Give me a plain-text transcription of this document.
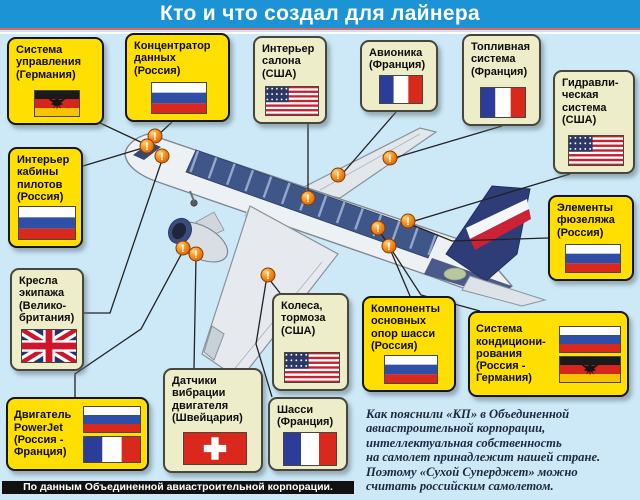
!
!
!
!
!
!
! !
!
!
!
!
Кто и что создал для лайнера
Система
управления
(Германия)
Концентратор
данных
(Россия)
Интерьер
салона
(США)
Авионика
(Франция)
Топливная
система
(Франция)
Гидравли-
ческая
система
(США)
Интерьер
кабины
пилотов
(Россия)
Кресла
экипажа
(Велико-
британия)
Двигатель
PowerJet
(Россия -
Франция)
Датчики
вибрации
двигателя
(Швейцария)
Шасси
(Франция)
Колеса,
тормоза
(США)
Компоненты
основных
опор шасси
(Россия)
Система
кондициони-
рования
(Россия -
Германия)
Элементы
фюзеляжа
(Россия)
По данным Объединенной авиастроительной корпорации.
Как пояснили «КП» в Объединенной
авиастроительной корпорации,
интеллектуальная собственность
на самолет принадлежит нашей стране.
Поэтому «Сухой Суперджет» можно
считать российским самолетом.
